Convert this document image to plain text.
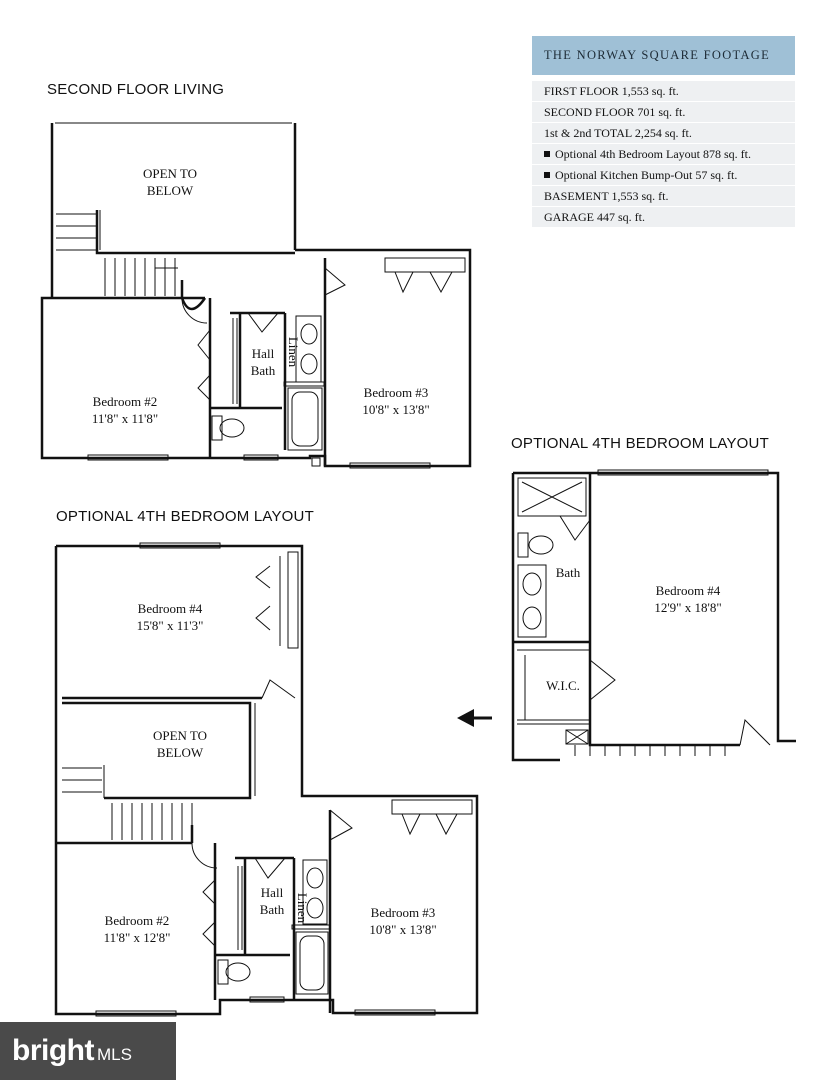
SECOND FLOOR LIVING
OPTIONAL 4TH BEDROOM LAYOUT
OPTIONAL 4TH BEDROOM LAYOUT
THE NORWAY SQUARE FOOTAGE
FIRST FLOOR 1,553 sq. ft.
SECOND FLOOR 701 sq. ft.
1st & 2nd TOTAL 2,254 sq. ft.
Optional 4th Bedroom Layout 878 sq. ft.
Optional Kitchen Bump-Out 57 sq. ft.
BASEMENT 1,553 sq. ft.
GARAGE 447 sq. ft.
OPEN TO
BELOW
Hall
Bath
Linen
Bedroom #2
11'8" x 11'8"
Bedroom #3
10'8" x 13'8"
Bath
W.I.C.
Bedroom #4
12'9" x 18'8"
Bedroom #4
15'8" x 11'3"
OPEN TO
BELOW
Hall
Bath Linen
Bedroom #2
11'8" x 12'8"
Bedroom #3
10'8" x 13'8"
bright MLS
